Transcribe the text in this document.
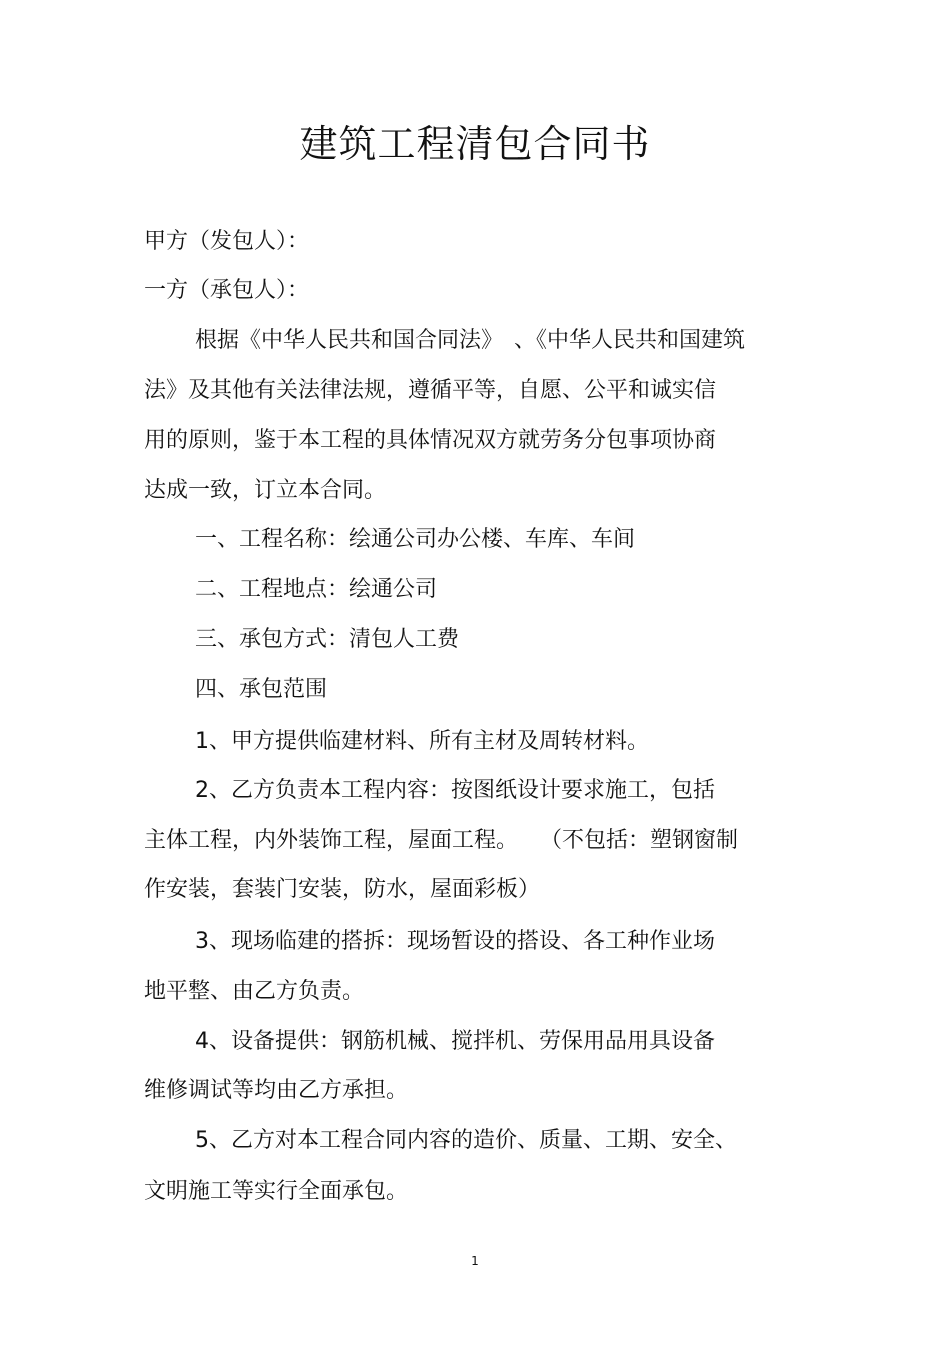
建筑工程清包合同书

甲方（发包人）：

一方（承包人）：

根据《中华人民共和国合同法》　、《中华人民共和国建筑

法》及其他有关法律法规，遵循平等，自愿、公平和诚实信

用的原则，鉴于本工程的具体情况双方就劳务分包事项协商

达成一致，订立本合同。

一、工程名称：绘通公司办公楼、车库、车间

二、工程地点：绘通公司

三、承包方式：清包人工费

四、承包范围

1、甲方提供临建材料、所有主材及周转材料。

2、乙方负责本工程内容：按图纸设计要求施工，包括

主体工程，内外装饰工程，屋面工程。　　（不包括：塑钢窗制

作安装，套装门安装，防水，屋面彩板）

3、现场临建的搭拆：现场暂设的搭设、各工种作业场

地平整、由乙方负责。

4、设备提供：钢筋机械、搅拌机、劳保用品用具设备

维修调试等均由乙方承担。

5、乙方对本工程合同内容的造价、质量、工期、安全、

文明施工等实行全面承包。

1
